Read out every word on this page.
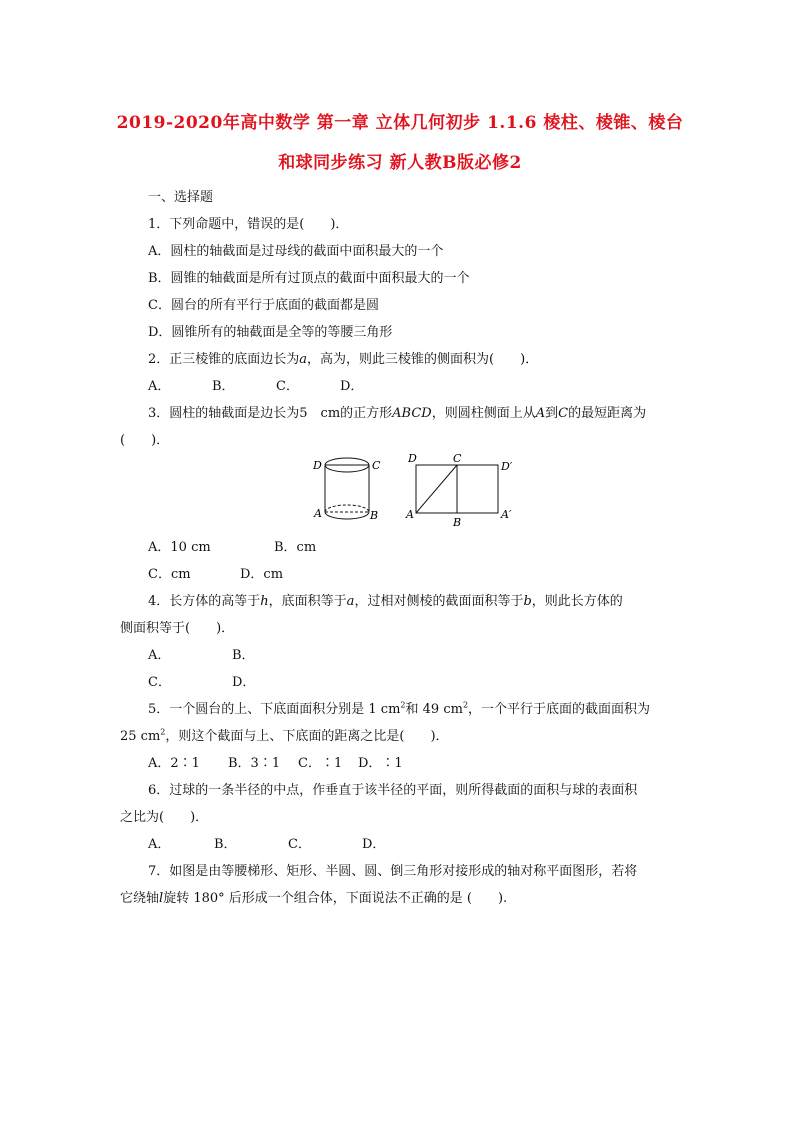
2019-2020年高中数学 第一章 立体几何初步 1.1.6 棱柱、棱锥、棱台
和球同步练习 新人教B版必修2
一、选择题
1．下列命题中，错误的是(　　)．
A．圆柱的轴截面是过母线的截面中面积最大的一个
B．圆锥的轴截面是所有过顶点的截面中面积最大的一个
C．圆台的所有平行于底面的截面都是圆
D．圆锥所有的轴截面是全等的等腰三角形
2．正三棱锥的底面边长为a，高为，则此三棱锥的侧面积为(　　)．
A．	B．	C．	D．
3．圆柱的轴截面是边长为5　cm的正方形ABCD，则圆柱侧面上从A到C的最短距离为
(　　)．
D	C
A	B
D	C
D′
A
B
A′
A．10 cm	B．cm
C．cm	D．cm
4．长方体的高等于h，底面积等于a，过相对侧棱的截面面积等于b，则此长方体的
侧面积等于(　　)．
A．	B．
C．	D．
5．一个圆台的上、下底面面积分别是 1 $cm^2$和 49 $cm^2$，一个平行于底面的截面面积为
25 $cm^2$，则这个截面与上、下底面的距离之比是(　　)．
A．2∶1 B．3∶1 C．∶1 D．∶1
6．过球的一条半径的中点，作垂直于该半径的平面，则所得截面的面积与球的表面积
之比为(　　)．
A．	B．	C．	D．
7．如图是由等腰梯形、矩形、半圆、圆、倒三角形对接形成的轴对称平面图形，若将
它绕轴l旋转 180° 后形成一个组合体，下面说法不正确的是 (　　).
